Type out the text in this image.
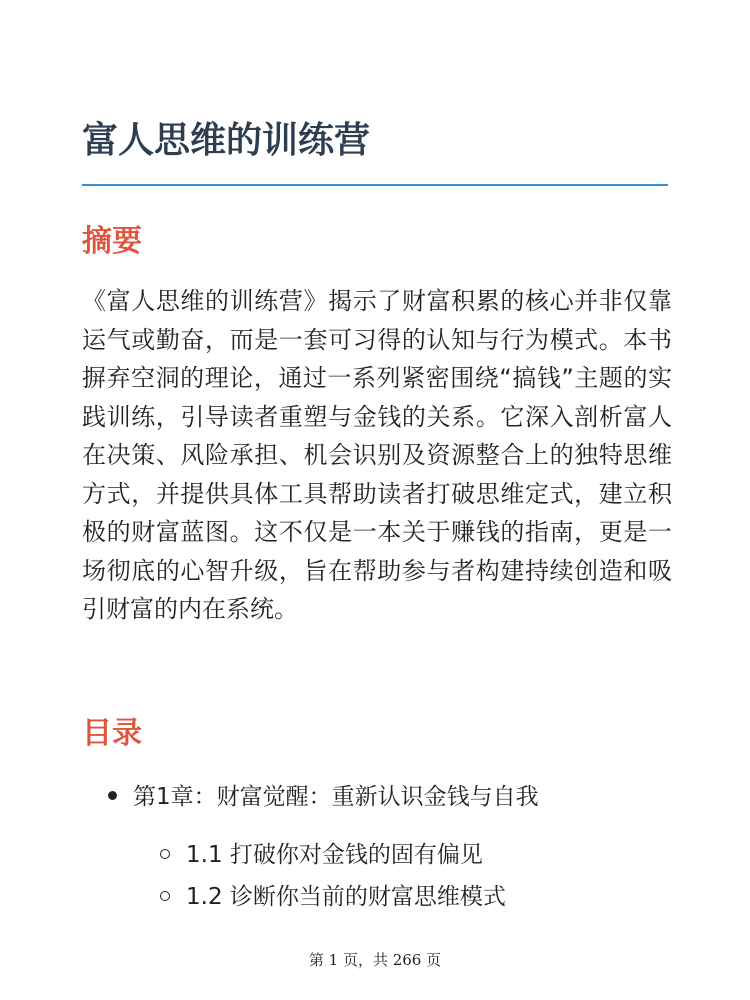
富人思维的训练营
摘要

《富人思维的训练营》揭示了财富积累的核心并非仅靠运气或勤奋，而是一套可习得的认知与行为模式。本书摒弃空洞的理论，通过一系列紧密围绕“搞钱”主题的实践训练，引导读者重塑与金钱的关系。它深入剖析富人在决策、风险承担、机会识别及资源整合上的独特思维方式，并提供具体工具帮助读者打破思维定式，建立积极的财富蓝图。这不仅是一本关于赚钱的指南，更是一场彻底的心智升级，旨在帮助参与者构建持续创造和吸引财富的内在系统。

目录
第1章：财富觉醒：重新认识金钱与自我
1.1 打破你对金钱的固有偏见
1.2 诊断你当前的财富思维模式
第 1 页，共 266 页
